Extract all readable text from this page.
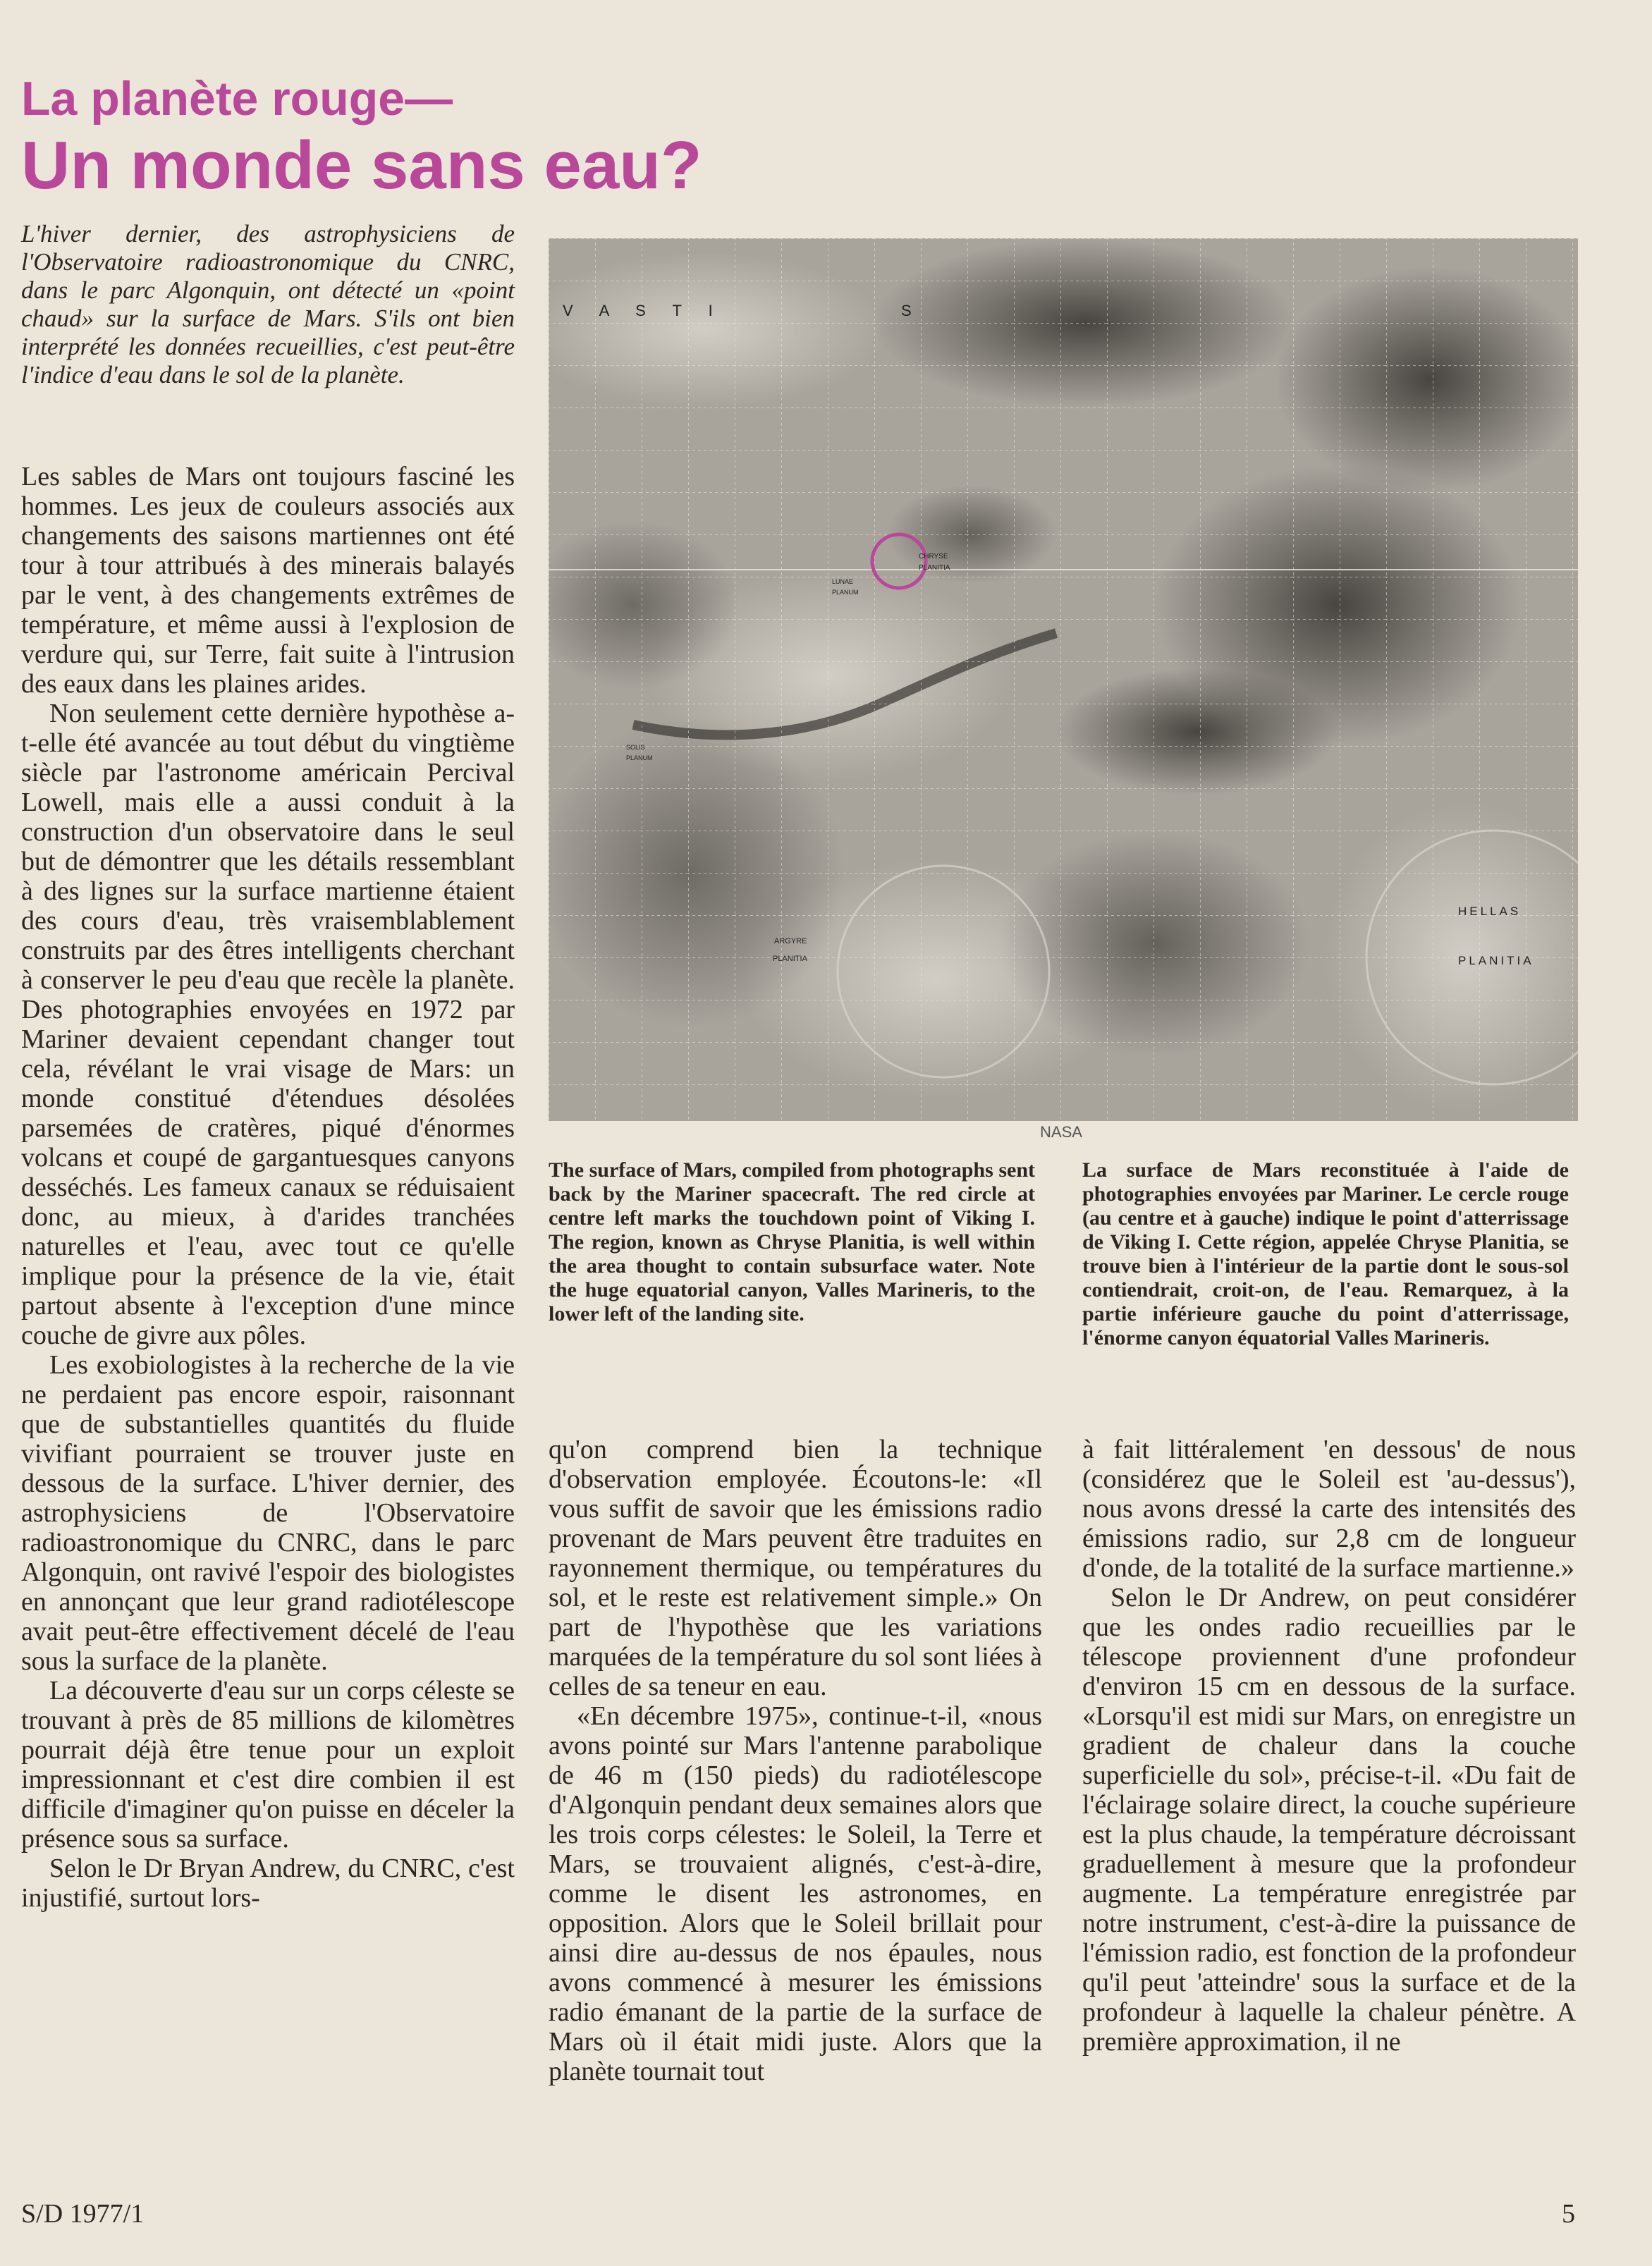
La planète rouge—
Un monde sans eau?
L'hiver dernier, des astrophysiciens de l'Observatoire radioastronomique du CNRC, dans le parc Algonquin, ont détecté un «point chaud» sur la surface de Mars. S'ils ont bien interprété les données recueillies, c'est peut-être l'indice d'eau dans le sol de la planète.

Les sables de Mars ont toujours fasciné les hommes. Les jeux de couleurs associés aux changements des saisons martiennes ont été tour à tour attribués à des minerais balayés par le vent, à des changements extrêmes de température, et même aussi à l'explosion de verdure qui, sur Terre, fait suite à l'intrusion des eaux dans les plaines arides.

Non seulement cette dernière hypothèse a-t-elle été avancée au tout début du vingtième siècle par l'astronome américain Percival Lowell, mais elle a aussi conduit à la construction d'un observatoire dans le seul but de démontrer que les détails ressemblant à des lignes sur la surface martienne étaient des cours d'eau, très vraisemblablement construits par des êtres intelligents cherchant à conserver le peu d'eau que recèle la planète. Des photographies envoyées en 1972 par Mariner devaient cependant changer tout cela, révélant le vrai visage de Mars: un monde constitué d'étendues désolées parsemées de cratères, piqué d'énormes volcans et coupé de gargantuesques canyons desséchés. Les fameux canaux se réduisaient donc, au mieux, à d'arides tranchées naturelles et l'eau, avec tout ce qu'elle implique pour la présence de la vie, était partout absente à l'exception d'une mince couche de givre aux pôles.

Les exobiologistes à la recherche de la vie ne perdaient pas encore espoir, raisonnant que de substantielles quantités du fluide vivifiant pourraient se trouver juste en dessous de la surface. L'hiver dernier, des astrophysiciens de l'Observatoire radioastronomique du CNRC, dans le parc Algonquin, ont ravivé l'espoir des biologistes en annonçant que leur grand radiotélescope avait peut-être effectivement décelé de l'eau sous la surface de la planète.

La découverte d'eau sur un corps céleste se trouvant à près de 85 millions de kilomètres pourrait déjà être tenue pour un exploit impressionnant et c'est dire combien il est difficile d'imaginer qu'on puisse en déceler la présence sous sa surface.

Selon le Dr Bryan Andrew, du CNRC, c'est injustifié, surtout lors-

V A S T I	S
CHRYSE
PLANITIA
LUNAE
PLANUM
SOLIS
PLANUM
ARGYRE
PLANITIA
HELLAS
PLANITIA
NASA
The surface of Mars, compiled from photographs sent back by the Mariner spacecraft. The red circle at centre left marks the touchdown point of Viking I. The region, known as Chryse Planitia, is well within the area thought to contain subsurface water. Note the huge equatorial canyon, Valles Marineris, to the lower left of the landing site.
La surface de Mars reconstituée à l'aide de photographies envoyées par Mariner. Le cercle rouge (au centre et à gauche) indique le point d'atterrissage de Viking I. Cette région, appelée Chryse Planitia, se trouve bien à l'intérieur de la partie dont le sous-sol contiendrait, croit-on, de l'eau. Remarquez, à la partie inférieure gauche du point d'atterrissage, l'énorme canyon équatorial Valles Marineris.

qu'on comprend bien la technique d'observation employée. Écoutons-le: «Il vous suffit de savoir que les émissions radio provenant de Mars peuvent être traduites en rayonnement thermique, ou températures du sol, et le reste est relativement simple.» On part de l'hypothèse que les variations marquées de la température du sol sont liées à celles de sa teneur en eau.

«En décembre 1975», continue-t-il, «nous avons pointé sur Mars l'antenne parabolique de 46 m (150 pieds) du radiotélescope d'Algonquin pendant deux semaines alors que les trois corps célestes: le Soleil, la Terre et Mars, se trouvaient alignés, c'est-à-dire, comme le disent les astronomes, en opposition. Alors que le Soleil brillait pour ainsi dire au-dessus de nos épaules, nous avons commencé à mesurer les émissions radio émanant de la partie de la surface de Mars où il était midi juste. Alors que la planète tournait tout

à fait littéralement 'en dessous' de nous (considérez que le Soleil est 'au-dessus'), nous avons dressé la carte des intensités des émissions radio, sur 2,8 cm de longueur d'onde, de la totalité de la surface martienne.»

Selon le Dr Andrew, on peut considérer que les ondes radio recueillies par le télescope proviennent d'une profondeur d'environ 15 cm en dessous de la surface. «Lorsqu'il est midi sur Mars, on enregistre un gradient de chaleur dans la couche superficielle du sol», précise-t-il. «Du fait de l'éclairage solaire direct, la couche supérieure est la plus chaude, la température décroissant graduellement à mesure que la profondeur augmente. La température enregistrée par notre instrument, c'est-à-dire la puissance de l'émission radio, est fonction de la profondeur qu'il peut 'atteindre' sous la surface et de la profondeur à laquelle la chaleur pénètre. A première approximation, il ne

S/D 1977/1	5
